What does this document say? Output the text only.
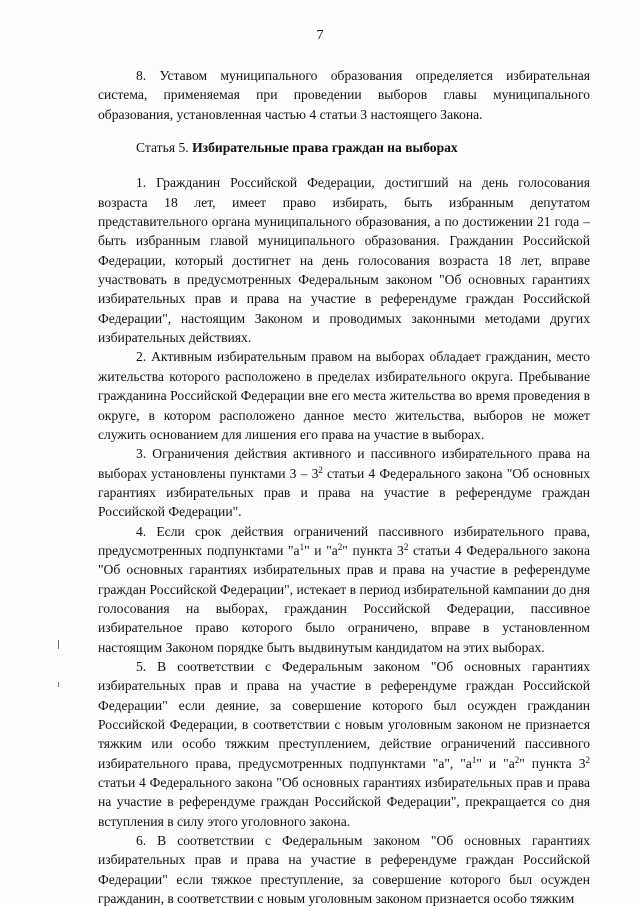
7

8. Уставом муниципального образования определяется избирательная система, применяемая при проведении выборов главы муниципального образования, установленная частью 4 статьи 3 настоящего Закона.

Статья 5. Избирательные права граждан на выборах

1. Гражданин Российской Федерации, достигший на день голосования возраста 18 лет, имеет право избирать, быть избранным депутатом представительного органа муниципального образования, а по достижении 21 года – быть избранным главой муниципального образования. Гражданин Российской Федерации, который достигнет на день голосования возраста 18 лет, вправе участвовать в предусмотренных Федеральным законом "Об основных гарантиях избирательных прав и права на участие в референдуме граждан Российской Федерации", настоящим Законом и проводимых законными методами других избирательных действиях.

2. Активным избирательным правом на выборах обладает гражданин, место жительства которого расположено в пределах избирательного округа. Пребывание гражданина Российской Федерации вне его места жительства во время проведения в округе, в котором расположено данное место жительства, выборов не может служить основанием для лишения его права на участие в выборах.

3. Ограничения действия активного и пассивного избирательного права на выборах установлены пунктами $3 - 3^2$ статьи 4 Федерального закона "Об основных гарантиях избирательных прав и права на участие в референдуме граждан Российской Федерации".

4. Если срок действия ограничений пассивного избирательного права, предусмотренных подпунктами "$а^1$" и "$а^2$" пункта $3^2$ статьи 4 Федерального закона "Об основных гарантиях избирательных прав и права на участие в референдуме граждан Российской Федерации", истекает в период избирательной кампании до дня голосования на выборах, гражданин Российской Федерации, пассивное избирательное право которого было ограничено, вправе в установленном настоящим Законом порядке быть выдвинутым кандидатом на этих выборах.

5. В соответствии с Федеральным законом "Об основных гарантиях избирательных прав и права на участие в референдуме граждан Российской Федерации" если деяние, за совершение которого был осужден гражданин Российской Федерации, в соответствии с новым уголовным законом не признается тяжким или особо тяжким преступлением, действие ограничений пассивного избирательного права, предусмотренных подпунктами "а", "$а^1$" и "$а^2$" пункта $3^2$ статьи 4 Федерального закона "Об основных гарантиях избирательных прав и права на участие в референдуме граждан Российской Федерации", прекращается со дня вступления в силу этого уголовного закона.

6. В соответствии с Федеральным законом "Об основных гарантиях избирательных прав и права на участие в референдуме граждан Российской Федерации" если тяжкое преступление, за совершение которого был осужден гражданин, в соответствии с новым уголовным законом признается особо тяжким
